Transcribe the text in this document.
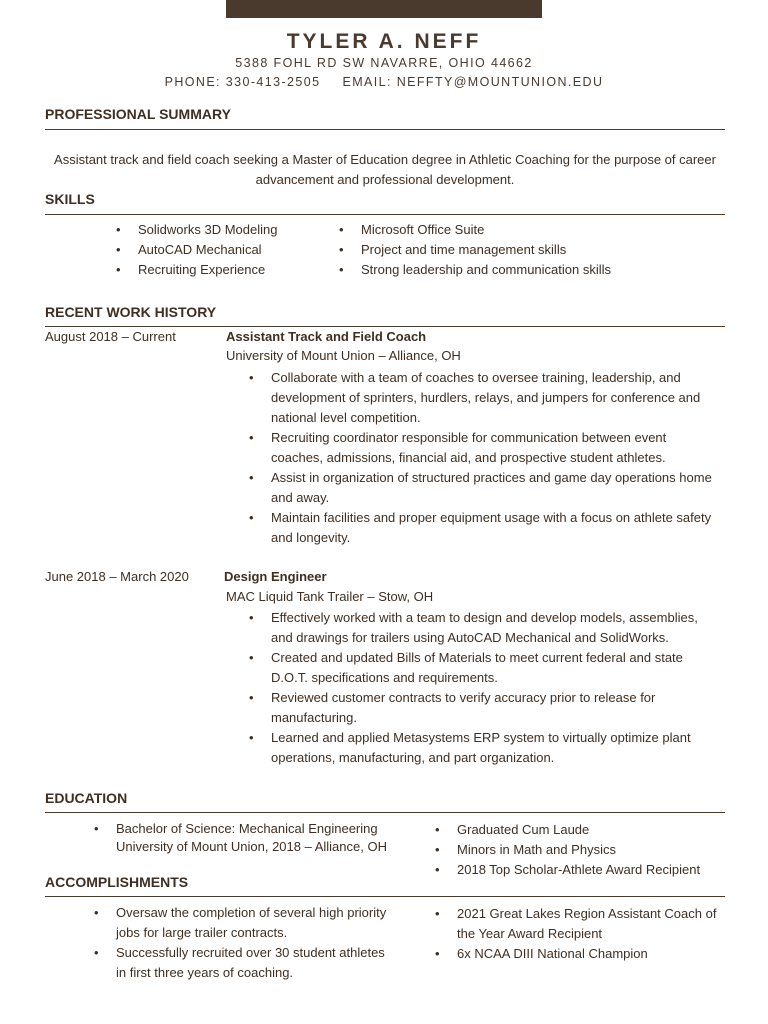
TYLER A. NEFF
5388 FOHL RD SW NAVARRE, OHIO 44662
PHONE: 330-413-2505 EMAIL: NEFFTY@MOUNTUNION.EDU
PROFESSIONAL SUMMARY
Assistant track and field coach seeking a Master of Education degree in Athletic Coaching for the purpose of career advancement and professional development.
SKILLS
• Solidworks 3D Modeling
• AutoCAD Mechanical
• Recruiting Experience
• Microsoft Office Suite
• Project and time management skills
• Strong leadership and communication skills
RECENT WORK HISTORY
August 2018 – Current	Assistant Track and Field Coach
University of Mount Union – Alliance, OH
• Collaborate with a team of coaches to oversee training, leadership, and development of sprinters, hurdlers, relays, and jumpers for conference and national level competition.
• Recruiting coordinator responsible for communication between event coaches, admissions, financial aid, and prospective student athletes.
• Assist in organization of structured practices and game day operations home and away.
• Maintain facilities and proper equipment usage with a focus on athlete safety and longevity.
June 2018 – March 2020	Design Engineer
MAC Liquid Tank Trailer – Stow, OH
• Effectively worked with a team to design and develop models, assemblies, and drawings for trailers using AutoCAD Mechanical and SolidWorks.
• Created and updated Bills of Materials to meet current federal and state D.O.T. specifications and requirements.
• Reviewed customer contracts to verify accuracy prior to release for manufacturing.
• Learned and applied Metasystems ERP system to virtually optimize plant operations, manufacturing, and part organization.
EDUCATION
• Bachelor of Science: Mechanical Engineering
University of Mount Union, 2018 – Alliance, OH
• Graduated Cum Laude
• Minors in Math and Physics
• 2018 Top Scholar-Athlete Award Recipient
ACCOMPLISHMENTS
• Oversaw the completion of several high priority jobs for large trailer contracts.
• Successfully recruited over 30 student athletes in first three years of coaching.
• 2021 Great Lakes Region Assistant Coach of the Year Award Recipient
• 6x NCAA DIII National Champion
